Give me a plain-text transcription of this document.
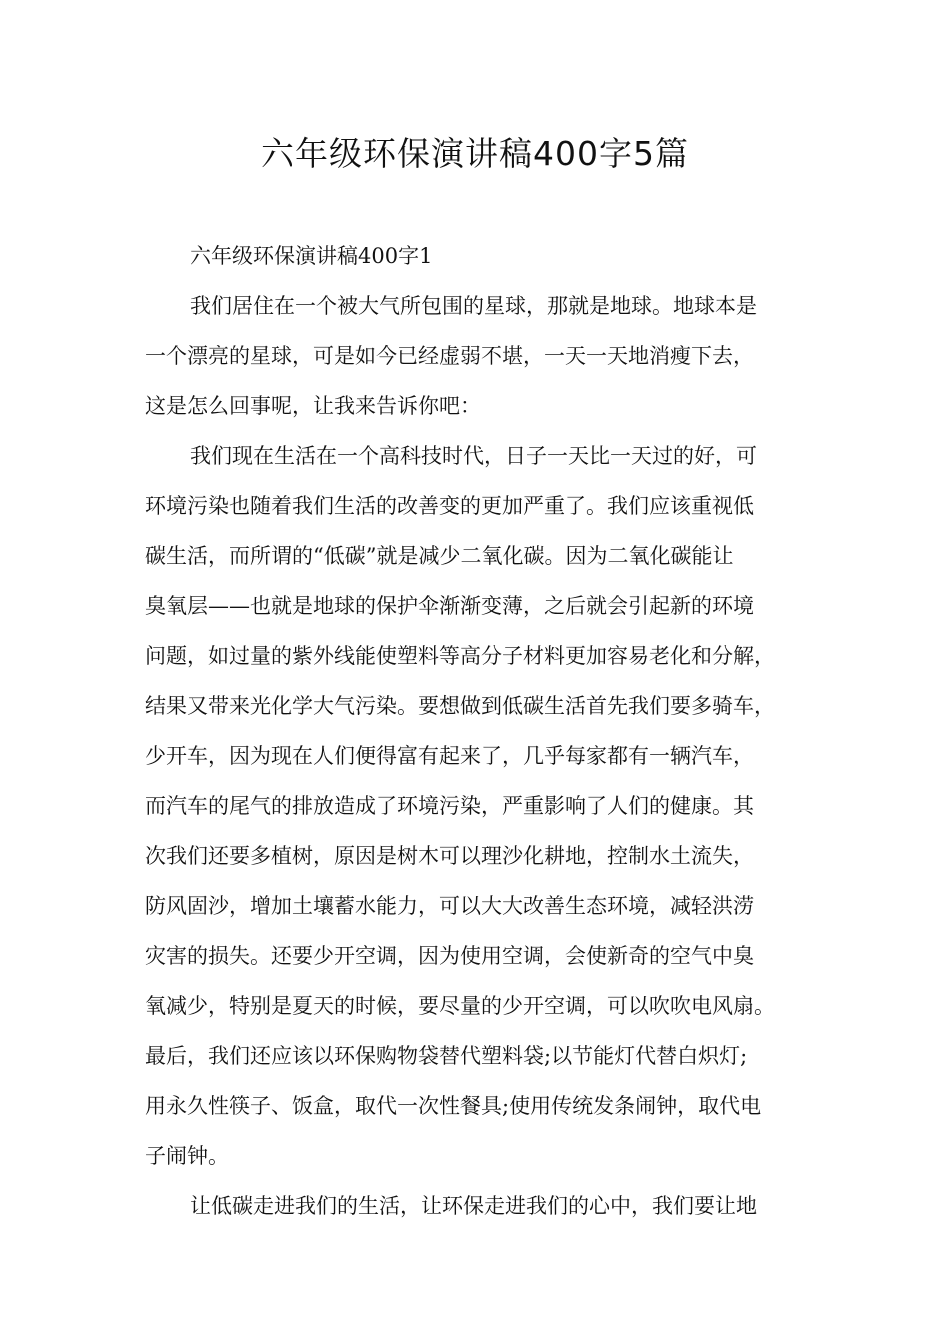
六年级环保演讲稿400字5篇
六年级环保演讲稿400字1
我们居住在一个被大气所包围的星球，那就是地球。地球本是
一个漂亮的星球，可是如今已经虚弱不堪，一天一天地消瘦下去，
这是怎么回事呢，让我来告诉你吧：
我们现在生活在一个高科技时代，日子一天比一天过的好，可
环境污染也随着我们生活的改善变的更加严重了。我们应该重视低
碳生活，而所谓的“低碳”就是减少二氧化碳。因为二氧化碳能让
臭氧层——也就是地球的保护伞渐渐变薄，之后就会引起新的环境
问题，如过量的紫外线能使塑料等高分子材料更加容易老化和分解，
结果又带来光化学大气污染。要想做到低碳生活首先我们要多骑车，
少开车，因为现在人们便得富有起来了，几乎每家都有一辆汽车，
而汽车的尾气的排放造成了环境污染，严重影响了人们的健康。其
次我们还要多植树，原因是树木可以理沙化耕地，控制水土流失，
防风固沙，增加土壤蓄水能力，可以大大改善生态环境，减轻洪涝
灾害的损失。还要少开空调，因为使用空调，会使新奇的空气中臭
氧减少，特别是夏天的时候，要尽量的少开空调，可以吹吹电风扇。
最后，我们还应该以环保购物袋替代塑料袋;以节能灯代替白炽灯;
用永久性筷子、饭盒，取代一次性餐具;使用传统发条闹钟，取代电
子闹钟。
让低碳走进我们的生活，让环保走进我们的心中，我们要让地
